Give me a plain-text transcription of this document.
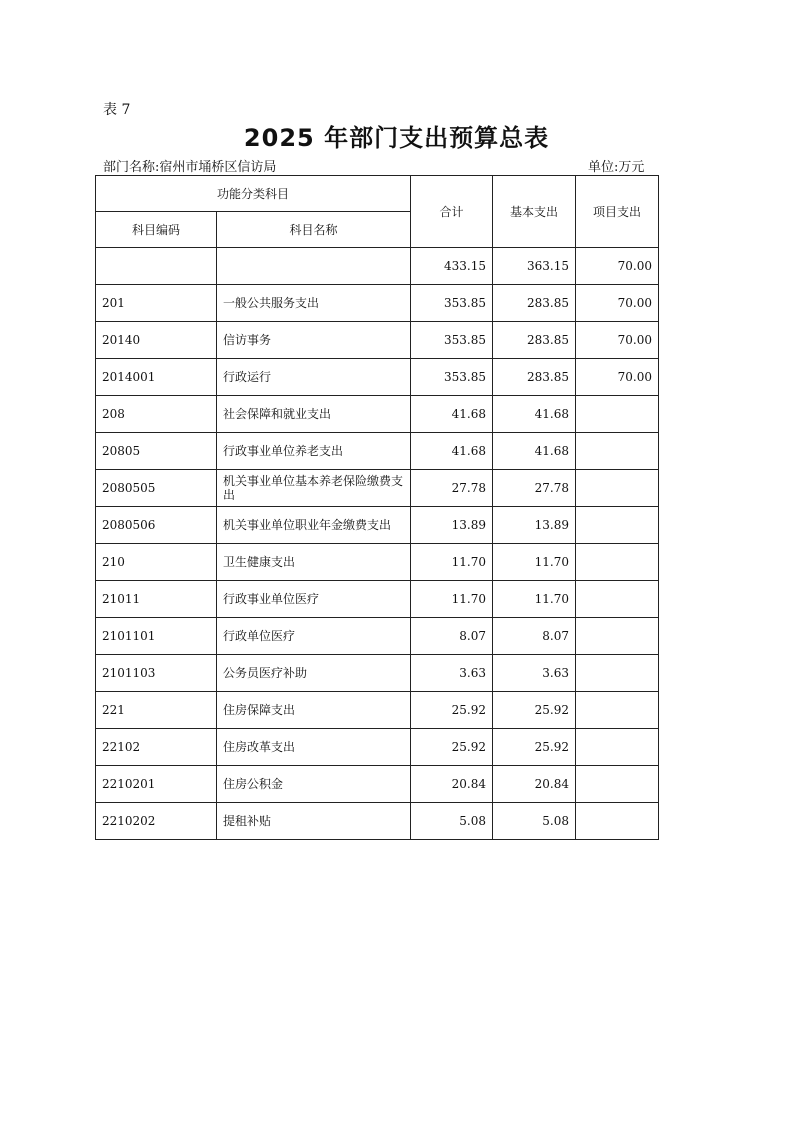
表 7
2025 年部门支出预算总表
部门名称:宿州市埇桥区信访局	单位:万元
功能分类科目		合计	基本支出	项目支出
科目编码	科目名称			
		433.15	363.15	70.00
201	一般公共服务支出	353.85	283.85	70.00
20140	信访事务	353.85	283.85	70.00
2014001	行政运行	353.85	283.85	70.00
208	社会保障和就业支出	41.68	41.68	
20805	行政事业单位养老支出	41.68	41.68	
2080505	机关事业单位基本养老保险缴费支出	27.78	27.78	
2080506	机关事业单位职业年金缴费支出	13.89	13.89	
210	卫生健康支出	11.70	11.70	
21011	行政事业单位医疗	11.70	11.70	
2101101	行政单位医疗	8.07	8.07	
2101103	公务员医疗补助	3.63	3.63	
221	住房保障支出	25.92	25.92	
22102	住房改革支出	25.92	25.92	
2210201	住房公积金	20.84	20.84	
2210202	提租补贴	5.08	5.08	
